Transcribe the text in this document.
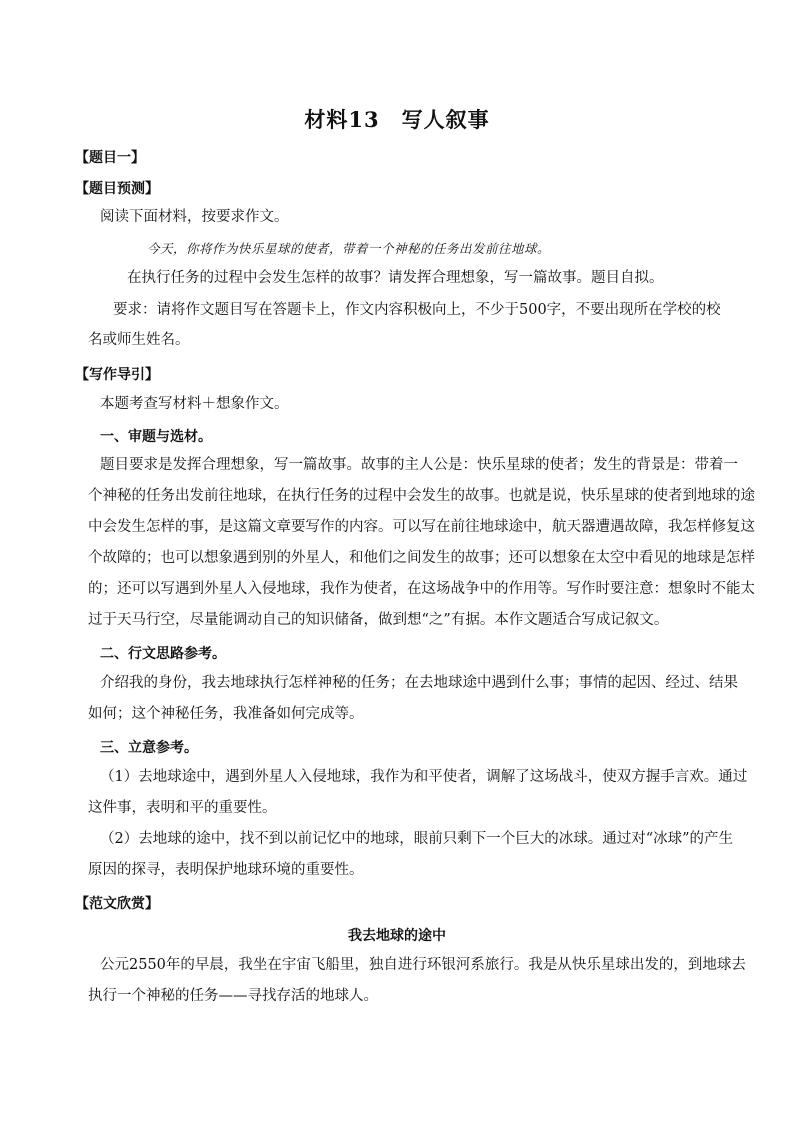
材料13　写人叙事
【题目一】
【题目预测】
阅读下面材料，按要求作文。
今天，你将作为快乐星球的使者，带着一个神秘的任务出发前往地球。
在执行任务的过程中会发生怎样的故事？请发挥合理想象，写一篇故事。题目自拟。
要求：请将作文题目写在答题卡上，作文内容积极向上，不少于500字，不要出现所在学校的校
名或师生姓名。
【写作导引】
本题考查写材料＋想象作文。
一、审题与选材。
题目要求是发挥合理想象，写一篇故事。故事的主人公是：快乐星球的使者；发生的背景是：带着一
个神秘的任务出发前往地球，在执行任务的过程中会发生的故事。也就是说，快乐星球的使者到地球的途
中会发生怎样的事，是这篇文章要写作的内容。可以写在前往地球途中，航天器遭遇故障，我怎样修复这
个故障的；也可以想象遇到别的外星人，和他们之间发生的故事；还可以想象在太空中看见的地球是怎样
的；还可以写遇到外星人入侵地球，我作为使者，在这场战争中的作用等。写作时要注意：想象时不能太
过于天马行空，尽量能调动自己的知识储备，做到想“之”有据。本作文题适合写成记叙文。
二、行文思路参考。
介绍我的身份，我去地球执行怎样神秘的任务；在去地球途中遇到什么事；事情的起因、经过、结果
如何；这个神秘任务，我准备如何完成等。
三、立意参考。
（1）去地球途中，遇到外星人入侵地球，我作为和平使者，调解了这场战斗，使双方握手言欢。通过
这件事，表明和平的重要性。
（2）去地球的途中，找不到以前记忆中的地球，眼前只剩下一个巨大的冰球。通过对“冰球”的产生
原因的探寻，表明保护地球环境的重要性。
【范文欣赏】
我去地球的途中
公元2550年的早晨，我坐在宇宙飞船里，独自进行环银河系旅行。我是从快乐星球出发的，到地球去
执行一个神秘的任务——寻找存活的地球人。
